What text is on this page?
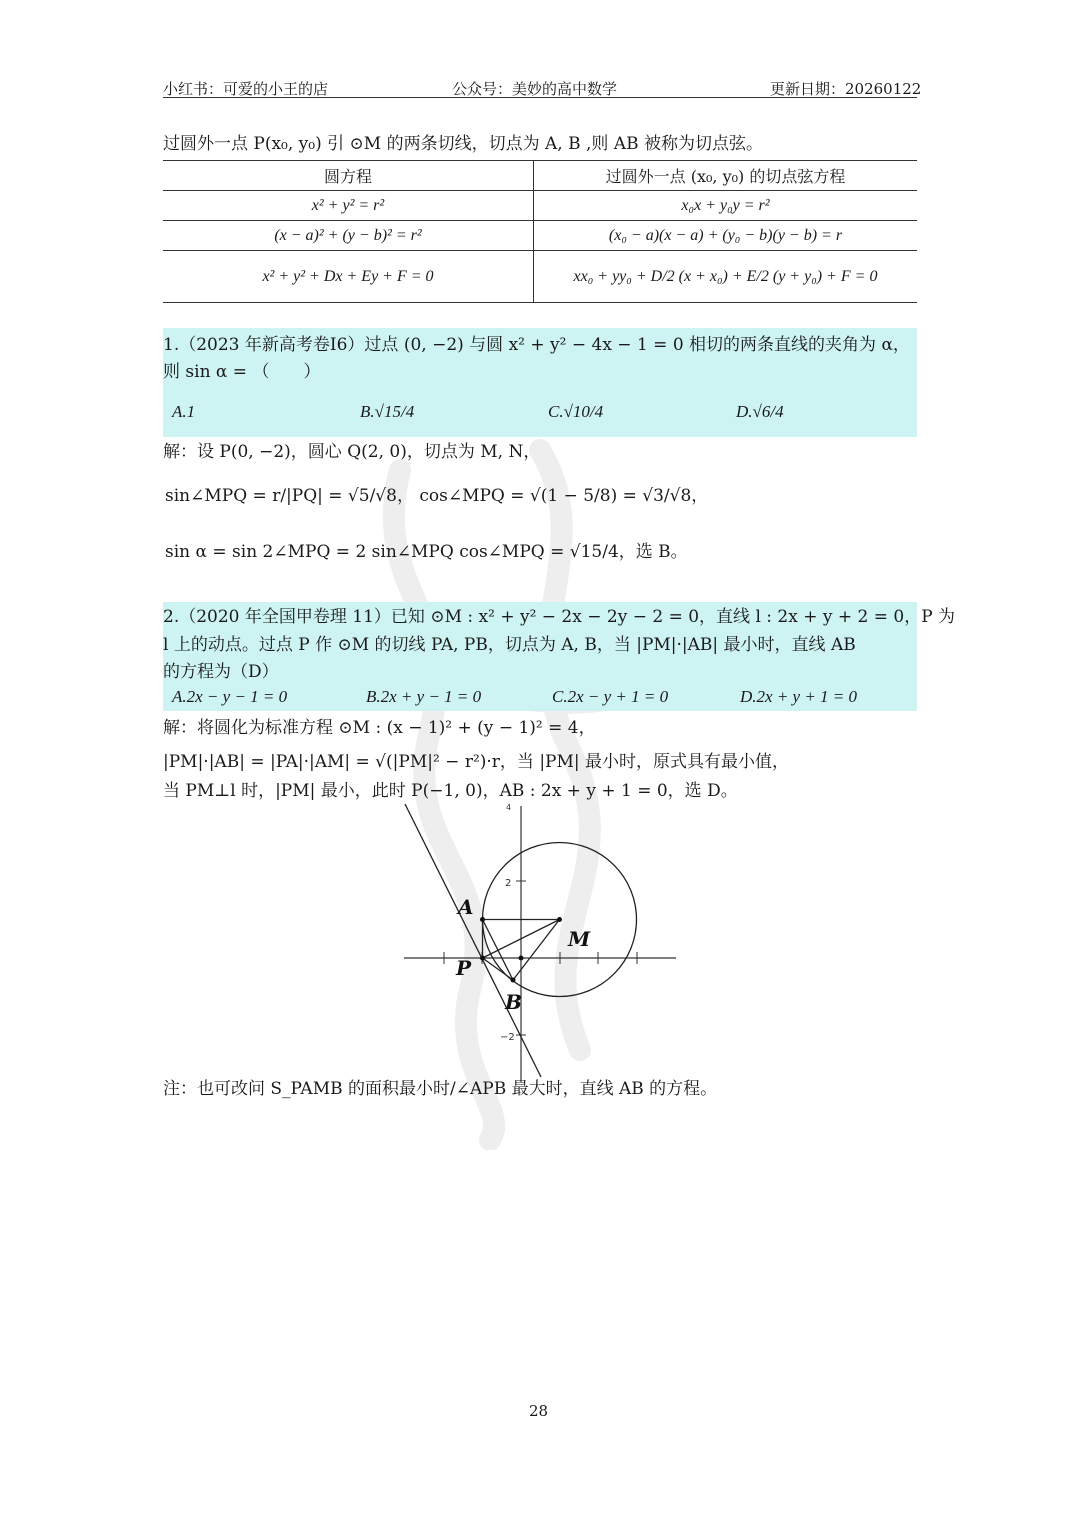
小红书：可爱的小王的店	公众号：美妙的高中数学	更新日期：20260122
过圆外一点 P(x₀, y₀) 引 ⊙M 的两条切线，切点为 A, B ,则 AB 被称为切点弦。
圆方程	过圆外一点 (x₀, y₀) 的切点弦方程
x² + y² = r²	x₀x + y₀y = r²
(x − a)² + (y − b)² = r²	(x₀ − a)(x − a) + (y₀ − b)(y − b) = r
x² + y² + Dx + Ey + F = 0	xx₀ + yy₀ + D/2 (x + x₀) + E/2 (y + y₀) + F = 0
1.（2023 年新高考卷Ⅰ6）过点 (0, −2) 与圆 x² + y² − 4x − 1 = 0 相切的两条直线的夹角为 α，
则 sin α = （　　）
A.1	B.√15/4	C.√10/4	D.√6/4
解：设 P(0, −2)，圆心 Q(2, 0)，切点为 M, N，
sin∠MPQ = r/|PQ| = √5/√8， cos∠MPQ = √(1 − 5/8) = √3/√8，
sin α = sin 2∠MPQ = 2 sin∠MPQ cos∠MPQ = √15/4，选 B。
2.（2020 年全国甲卷理 11）已知 ⊙M : x² + y² − 2x − 2y − 2 = 0，直线 l : 2x + y + 2 = 0，P 为
l 上的动点。过点 P 作 ⊙M 的切线 PA, PB，切点为 A, B，当 |PM|·|AB| 最小时，直线 AB
的方程为（D）
A.2x − y − 1 = 0	B.2x + y − 1 = 0	C.2x − y + 1 = 0	D.2x + y + 1 = 0
解：将圆化为标准方程 ⊙M : (x − 1)² + (y − 1)² = 4，
|PM|·|AB| = |PA|·|AM| = √(|PM|² − r²)·r，当 |PM| 最小时，原式具有最小值，
当 PM⊥l 时，|PM| 最小，此时 P(−1, 0)，AB : 2x + y + 1 = 0，选 D。
2
−2
4
A
M
P
B
注：也可改问 S_PAMB 的面积最小时/∠APB 最大时，直线 AB 的方程。
28
